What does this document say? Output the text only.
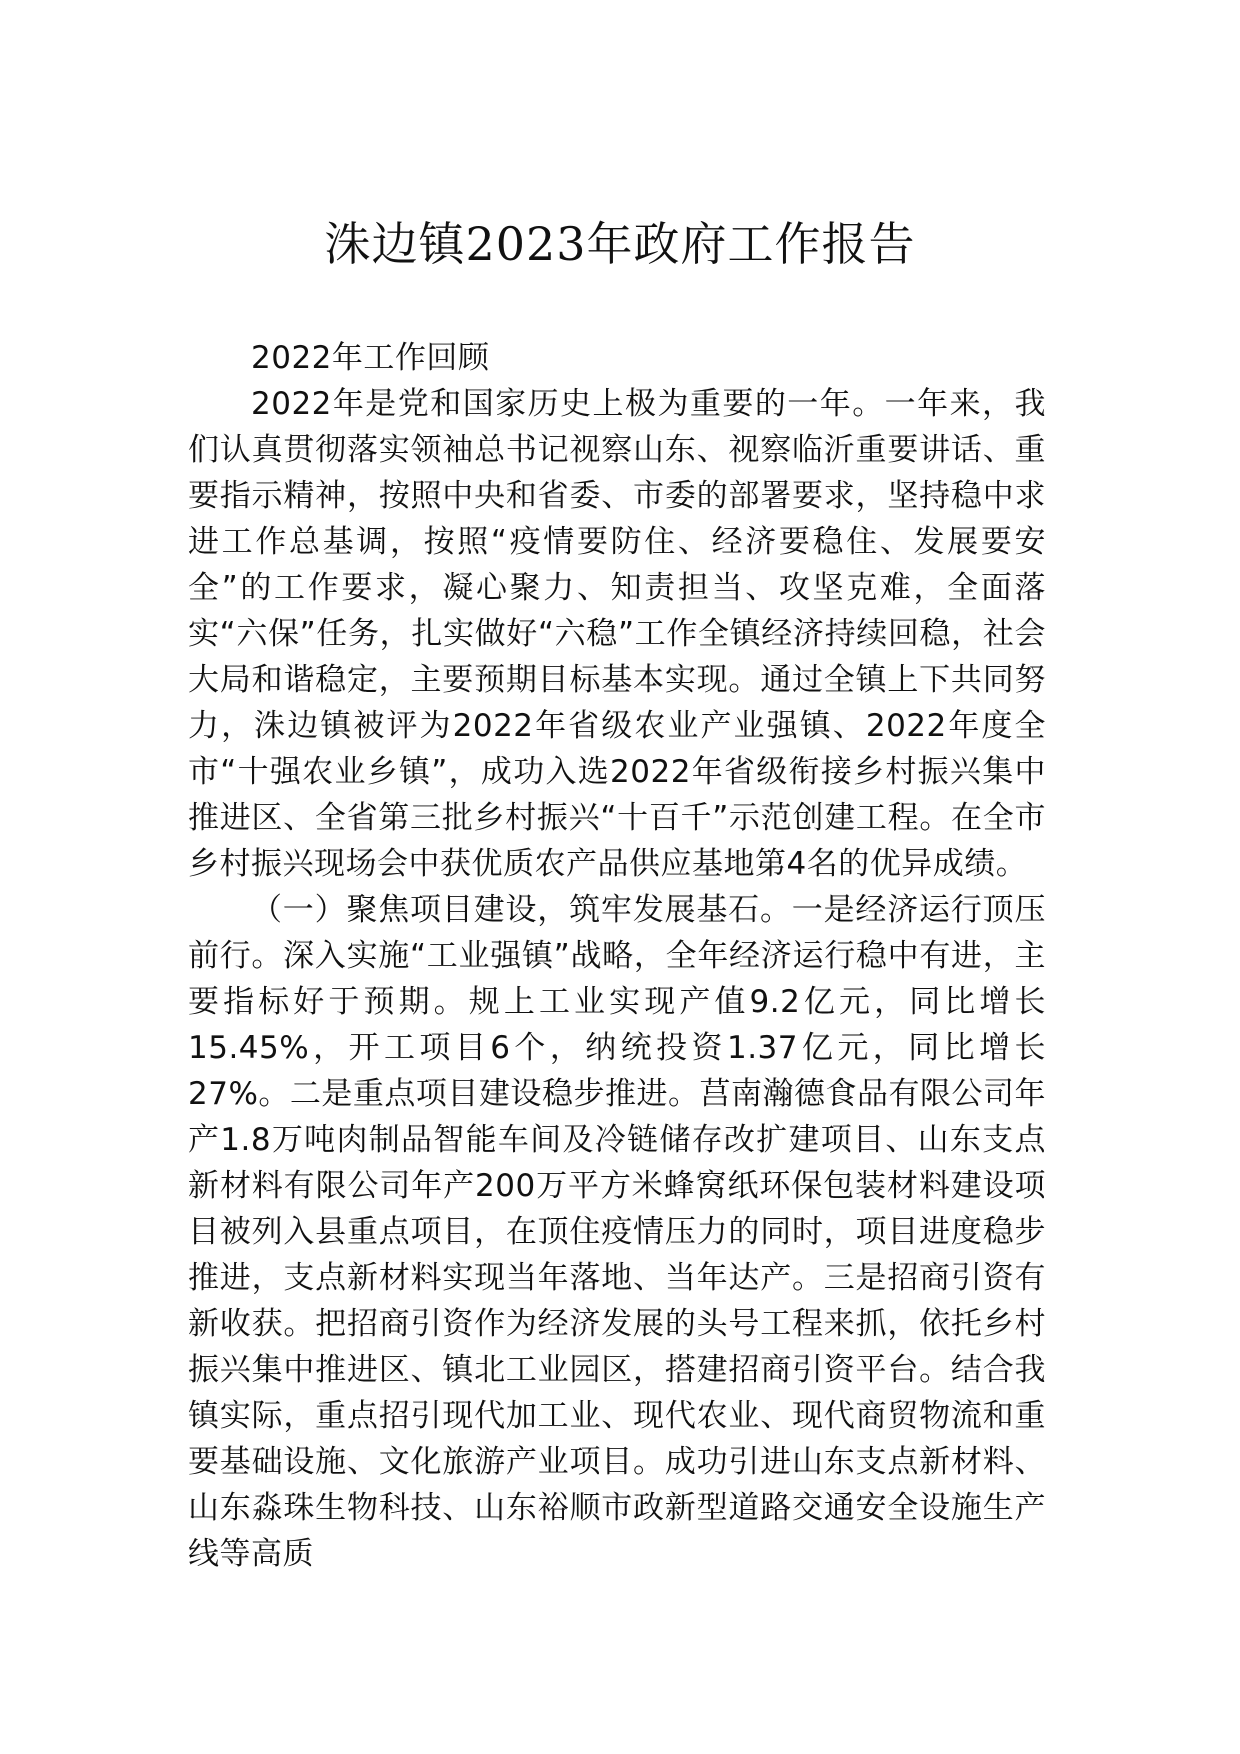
洙边镇2023年政府工作报告

2022年工作回顾

2022年是党和国家历史上极为重要的一年。一年来，我们认真贯彻落实领袖总书记视察山东、视察临沂重要讲话、重要指示精神，按照中央和省委、市委的部署要求，坚持稳中求进工作总基调，按照“疫情要防住、经济要稳住、发展要安全”的工作要求，凝心聚力、知责担当、攻坚克难，全面落实“六保”任务，扎实做好“六稳”工作全镇经济持续回稳，社会大局和谐稳定，主要预期目标基本实现。通过全镇上下共同努力，洙边镇被评为2022年省级农业产业强镇、2022年度全市“十强农业乡镇”，成功入选2022年省级衔接乡村振兴集中推进区、全省第三批乡村振兴“十百千”示范创建工程。在全市乡村振兴现场会中获优质农产品供应基地第4名的优异成绩。

（一）聚焦项目建设，筑牢发展基石。一是经济运行顶压前行。深入实施“工业强镇”战略，全年经济运行稳中有进，主要指标好于预期。规上工业实现产值9.2亿元，同比增长15.45%，开工项目6个，纳统投资1.37亿元，同比增长27%。二是重点项目建设稳步推进。莒南瀚德食品有限公司年产1.8万吨肉制品智能车间及冷链储存改扩建项目、山东支点新材料有限公司年产200万平方米蜂窝纸环保包装材料建设项目被列入县重点项目，在顶住疫情压力的同时，项目进度稳步推进，支点新材料实现当年落地、当年达产。三是招商引资有新收获。把招商引资作为经济发展的头号工程来抓，依托乡村振兴集中推进区、镇北工业园区，搭建招商引资平台。结合我镇实际，重点招引现代加工业、现代农业、现代商贸物流和重要基础设施、文化旅游产业项目。成功引进山东支点新材料、山东淼珠生物科技、山东裕顺市政新型道路交通安全设施生产线等高质
